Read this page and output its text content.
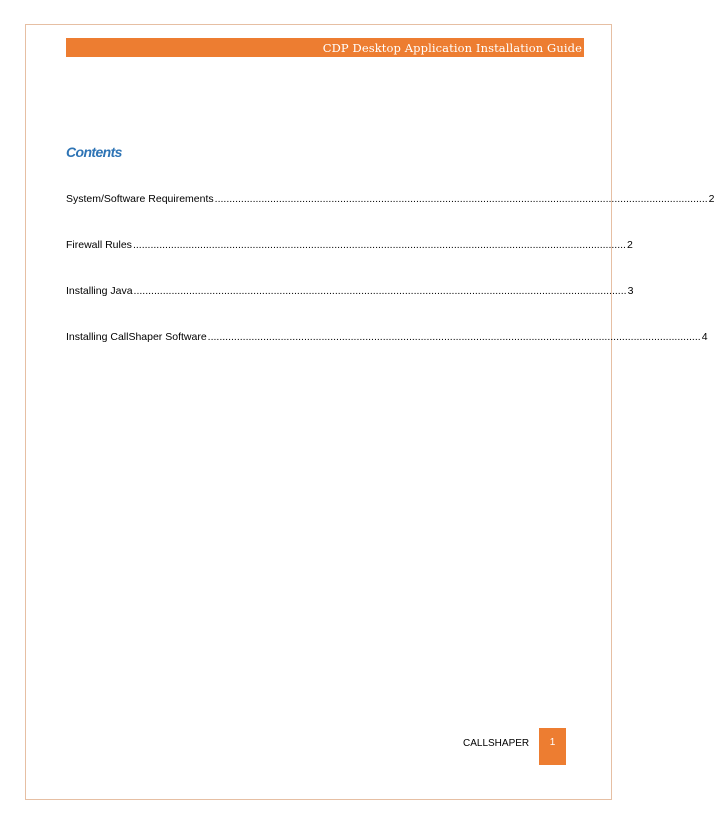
CDP Desktop Application Installation Guide
Contents
System/Software Requirements ......................................................................................................................................................................... 2
Firewall Rules ......................................................................................................................................................................... 2
Installing Java ......................................................................................................................................................................... 3
Installing CallShaper Software ......................................................................................................................................................................... 4
CALLSHAPER 1
